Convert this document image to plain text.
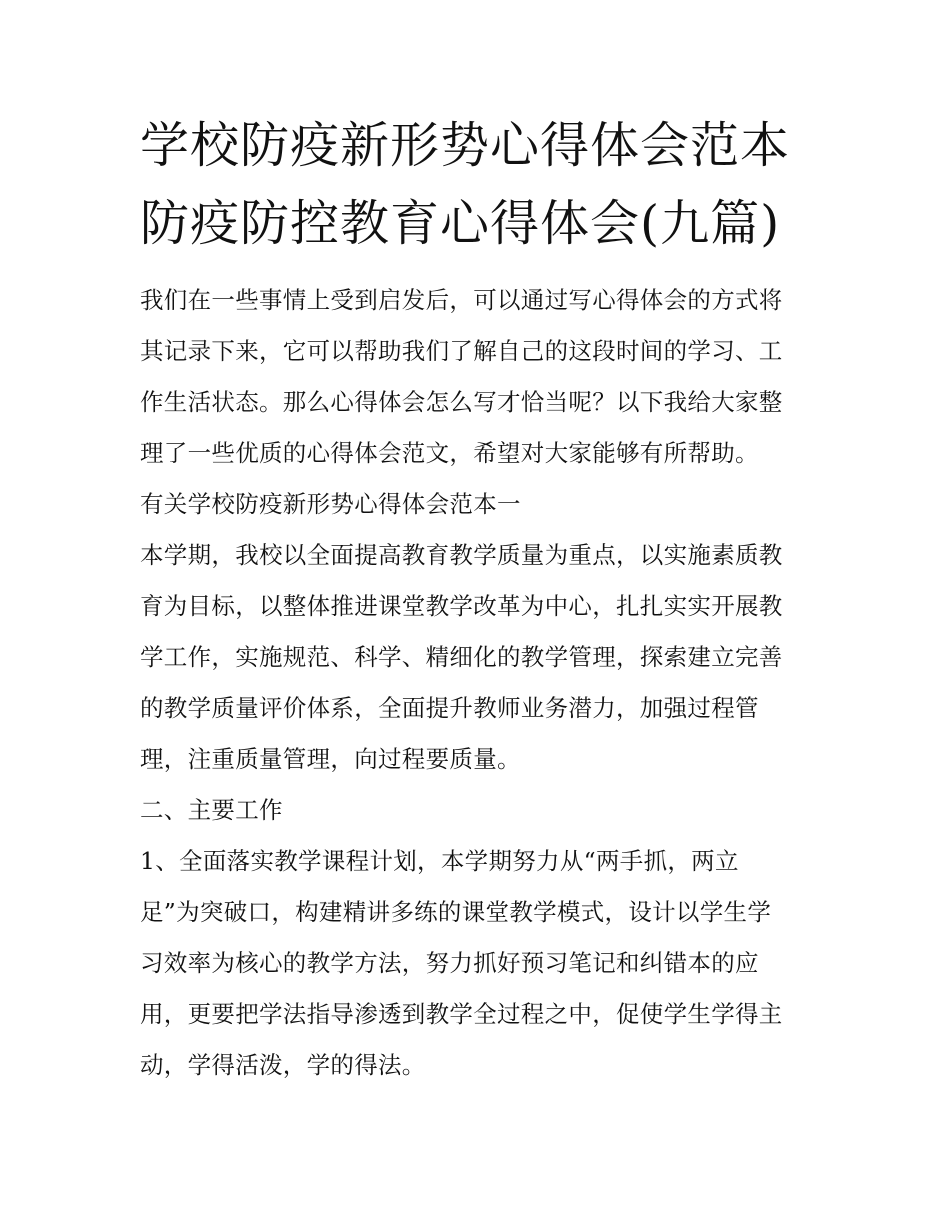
学校防疫新形势心得体会范本
防疫防控教育心得体会(九篇)

我们在一些事情上受到启发后，可以通过写心得体会的方式将

其记录下来，它可以帮助我们了解自己的这段时间的学习、工

作生活状态。那么心得体会怎么写才恰当呢？以下我给大家整

理了一些优质的心得体会范文，希望对大家能够有所帮助。

有关学校防疫新形势心得体会范本一

本学期，我校以全面提高教育教学质量为重点，以实施素质教

育为目标，以整体推进课堂教学改革为中心，扎扎实实开展教

学工作，实施规范、科学、精细化的教学管理，探索建立完善

的教学质量评价体系，全面提升教师业务潜力，加强过程管

理，注重质量管理，向过程要质量。

二、主要工作

1、全面落实教学课程计划，本学期努力从“两手抓，两立

足”为突破口，构建精讲多练的课堂教学模式，设计以学生学

习效率为核心的教学方法，努力抓好预习笔记和纠错本的应

用，更要把学法指导渗透到教学全过程之中，促使学生学得主

动，学得活泼，学的得法。
